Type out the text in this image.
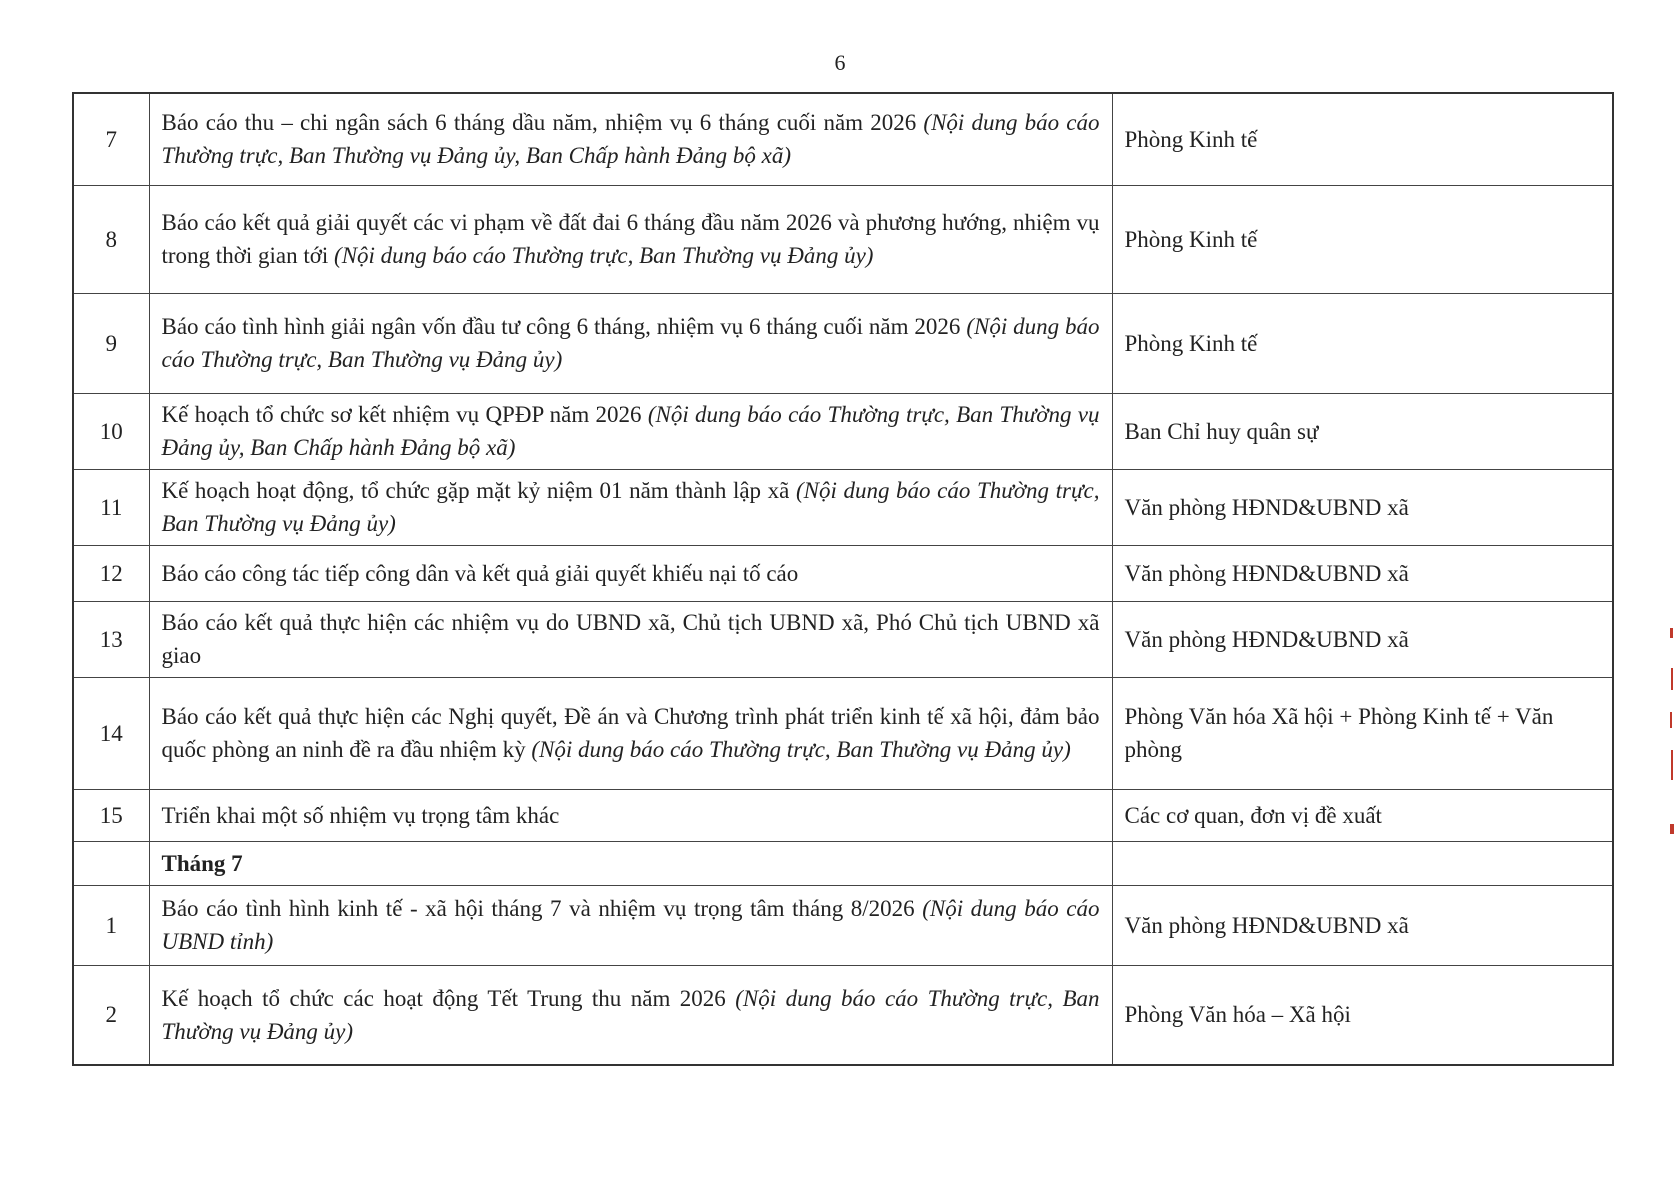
6
7	Báo cáo thu – chi ngân sách 6 tháng dầu năm, nhiệm vụ 6 tháng cuối năm 2026 (Nội dung báo cáo Thường trực, Ban Thường vụ Đảng ủy, Ban Chấp hành Đảng bộ xã)	Phòng Kinh tế
8	Báo cáo kết quả giải quyết các vi phạm về đất đai 6 tháng đầu năm 2026 và phương hướng, nhiệm vụ trong thời gian tới (Nội dung báo cáo Thường trực, Ban Thường vụ Đảng ủy)	Phòng Kinh tế
9	Báo cáo tình hình giải ngân vốn đầu tư công 6 tháng, nhiệm vụ 6 tháng cuối năm 2026 (Nội dung báo cáo Thường trực, Ban Thường vụ Đảng ủy)	Phòng Kinh tế
10	Kế hoạch tổ chức sơ kết nhiệm vụ QPĐP năm 2026 (Nội dung báo cáo Thường trực, Ban Thường vụ Đảng ủy, Ban Chấp hành Đảng bộ xã)	Ban Chỉ huy quân sự
11	Kế hoạch hoạt động, tổ chức gặp mặt kỷ niệm 01 năm thành lập xã (Nội dung báo cáo Thường trực, Ban Thường vụ Đảng ủy)	Văn phòng HĐND&UBND xã
12	Báo cáo công tác tiếp công dân và kết quả giải quyết khiếu nại tố cáo	Văn phòng HĐND&UBND xã
13	Báo cáo kết quả thực hiện các nhiệm vụ do UBND xã, Chủ tịch UBND xã, Phó Chủ tịch UBND xã giao	Văn phòng HĐND&UBND xã
14	Báo cáo kết quả thực hiện các Nghị quyết, Đề án và Chương trình phát triển kinh tế xã hội, đảm bảo quốc phòng an ninh đề ra đầu nhiệm kỳ (Nội dung báo cáo Thường trực, Ban Thường vụ Đảng ủy)	Phòng Văn hóa Xã hội + Phòng Kinh tế + Văn phòng
15	Triển khai một số nhiệm vụ trọng tâm khác	Các cơ quan, đơn vị đề xuất
	Tháng 7	
1	Báo cáo tình hình kinh tế - xã hội tháng 7 và nhiệm vụ trọng tâm tháng 8/2026 (Nội dung báo cáo UBND tỉnh)	Văn phòng HĐND&UBND xã
2	Kế hoạch tổ chức các hoạt động Tết Trung thu năm 2026 (Nội dung báo cáo Thường trực, Ban Thường vụ Đảng ủy)	Phòng Văn hóa – Xã hội
